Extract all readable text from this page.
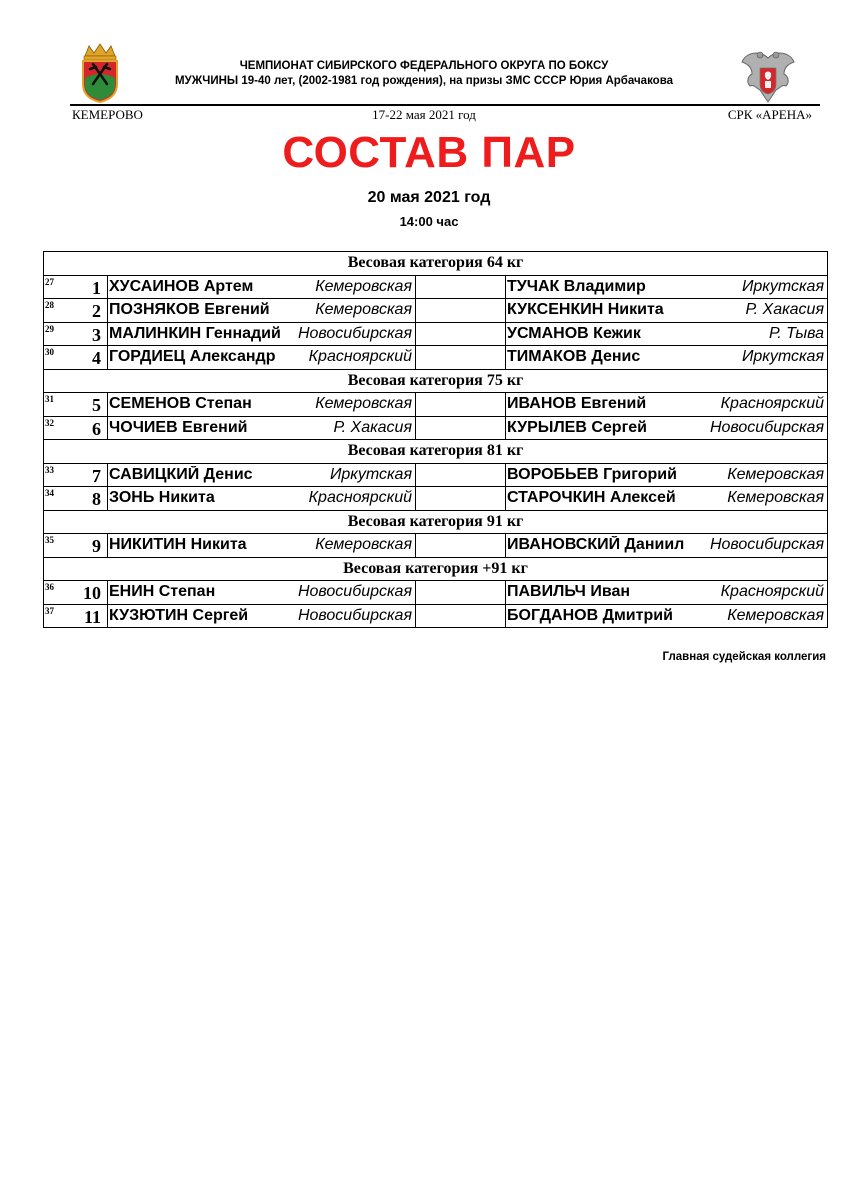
ЧЕМПИОНАТ СИБИРСКОГО ФЕДЕРАЛЬНОГО ОКРУГА ПО БОКСУ
МУЖЧИНЫ 19-40 лет, (2002-1981 год рождения), на призы ЗМС СССР Юрия Арбачакова
КЕМЕРОВО	17-22 мая 2021 год	СРК «АРЕНА»
СОСТАВ ПАР
20 мая 2021 год
14:00 час
Весовая категория 64 кг			

27 1	ХУСАИНОВ Артем Кемеровская		ТУЧАК Владимир Иркутская

28 2	ПОЗНЯКОВ Евгений Кемеровская		КУКСЕНКИН Никита Р. Хакасия

29 3	МАЛИНКИН Геннадий Новосибирская		УСМАНОВ Кежик Р. Тыва

30 4	ГОРДИЕЦ Александр Красноярский		ТИМАКОВ Денис Иркутская

Весовая категория 75 кг			

31 5	СЕМЕНОВ Степан Кемеровская		ИВАНОВ Евгений Красноярский

32 6	ЧОЧИЕВ Евгений Р. Хакасия		КУРЫЛЕВ Сергей Новосибирская

Весовая категория 81 кг			

33 7	САВИЦКИЙ Денис Иркутская		ВОРОБЬЕВ Григорий Кемеровская

34 8	ЗОНЬ Никита Красноярский		СТАРОЧКИН Алексей Кемеровская

Весовая категория 91 кг			

35 9	НИКИТИН Никита Кемеровская		ИВАНОВСКИЙ Даниил Новосибирская

Весовая категория +91 кг			

36 10	ЕНИН Степан Новосибирская		ПАВИЛЬЧ Иван Красноярский

37 11	КУЗЮТИН Сергей Новосибирская		БОГДАНОВ Дмитрий Кемеровская
Главная судейская коллегия
